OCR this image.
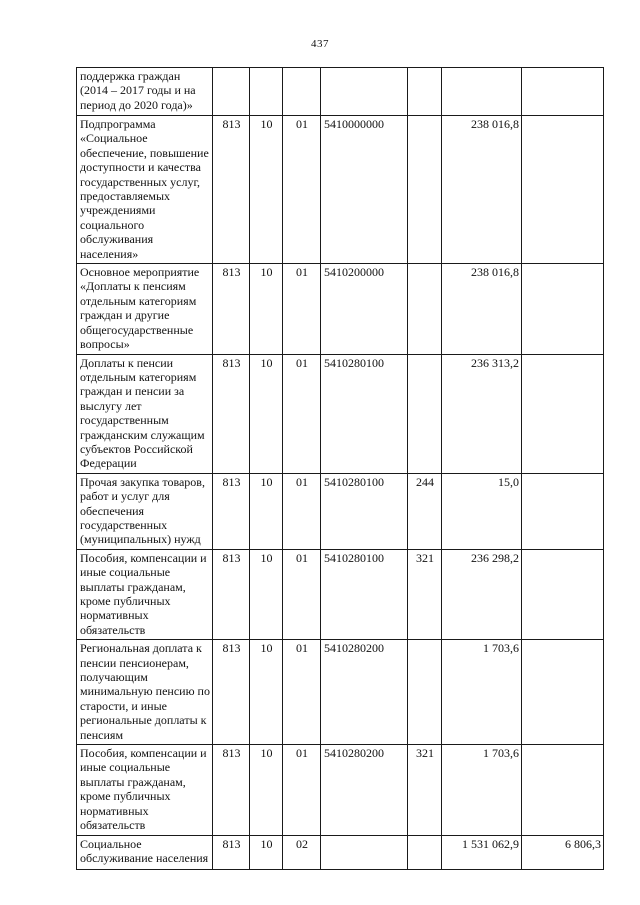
437
поддержка граждан (2014 – 2017 годы и на период до 2020 года)»							
Подпрограмма «Социальное обеспечение, повышение доступности и качества государственных услуг, предоставляемых учреждениями социального обслуживания населения»	813	10	01	5410000000		238 016,8	
Основное мероприятие «Доплаты к пенсиям отдельным категориям граждан и другие общегосударственные вопросы»	813	10	01	5410200000		238 016,8	
Доплаты к пенсии отдельным категориям граждан и пенсии за выслугу лет государственным гражданским служащим субъектов Российской Федерации	813	10	01	5410280100		236 313,2	
Прочая закупка товаров, работ и услуг для обеспечения государственных (муниципальных) нужд	813	10	01	5410280100	244	15,0	
Пособия, компенсации и иные социальные выплаты гражданам, кроме публичных нормативных обязательств	813	10	01	5410280100	321	236 298,2	
Региональная доплата к пенсии пенсионерам, получающим минимальную пенсию по старости, и иные региональные доплаты к пенсиям	813	10	01	5410280200		1 703,6	
Пособия, компенсации и иные социальные выплаты гражданам, кроме публичных нормативных обязательств	813	10	01	5410280200	321	1 703,6	
Социальное обслуживание населения	813	10	02			1 531 062,9	6 806,3
